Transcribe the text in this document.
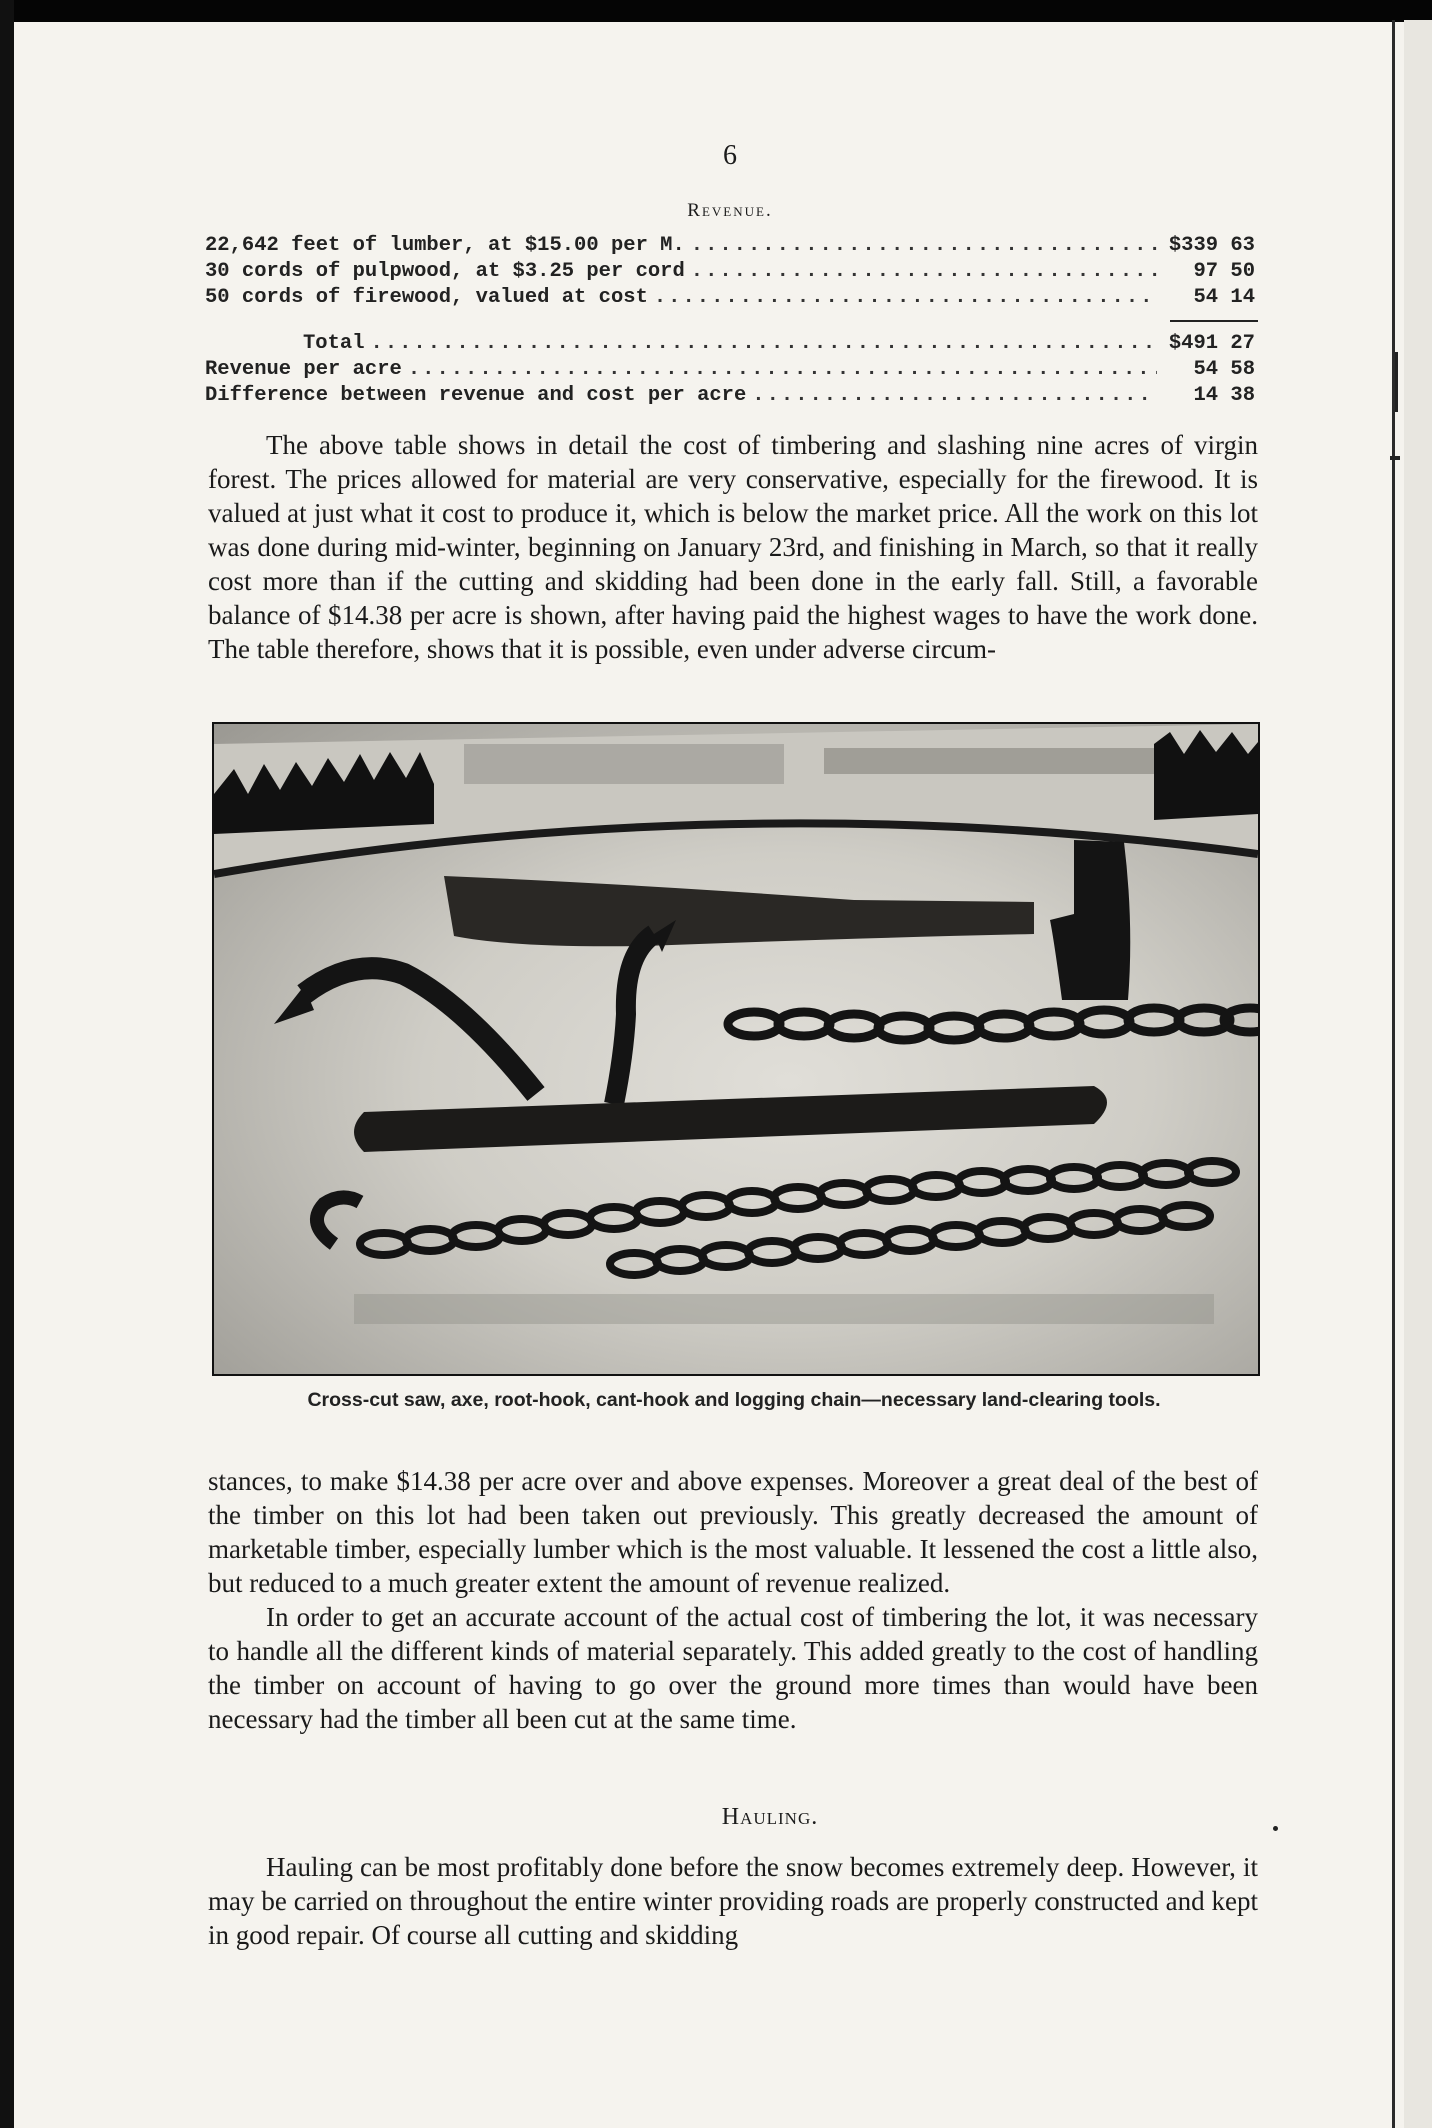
6
Revenue.
22,642 feet of lumber, at $15.00 per M. .....	$339 63
30 cords of pulpwood, at $3.25 per cord .....	97 50
50 cords of firewood, valued at cost .....	54 14
Total .....	$491 27
Revenue per acre .....	54 58
Difference between revenue and cost per acre .....	14 38

The above table shows in detail the cost of timbering and slashing nine acres of virgin forest. The prices allowed for material are very conservative, especially for the firewood. It is valued at just what it cost to produce it, which is below the market price. All the work on this lot was done during mid-winter, beginning on January 23rd, and finishing in March, so that it really cost more than if the cutting and skidding had been done in the early fall. Still, a favorable balance of $14.38 per acre is shown, after having paid the highest wages to have the work done. The table therefore, shows that it is possible, even under adverse circum-

Cross-cut saw, axe, root-hook, cant-hook and logging chain—necessary land-clearing tools.

stances, to make $14.38 per acre over and above expenses. Moreover a great deal of the best of the timber on this lot had been taken out previously. This greatly decreased the amount of marketable timber, especially lumber which is the most valuable. It lessened the cost a little also, but reduced to a much greater extent the amount of revenue realized.

In order to get an accurate account of the actual cost of timbering the lot, it was necessary to handle all the different kinds of material separately. This added greatly to the cost of handling the timber on account of having to go over the ground more times than would have been necessary had the timber all been cut at the same time.

Hauling.

Hauling can be most profitably done before the snow becomes extremely deep. However, it may be carried on throughout the entire winter providing roads are properly constructed and kept in good repair. Of course all cutting and skidding
